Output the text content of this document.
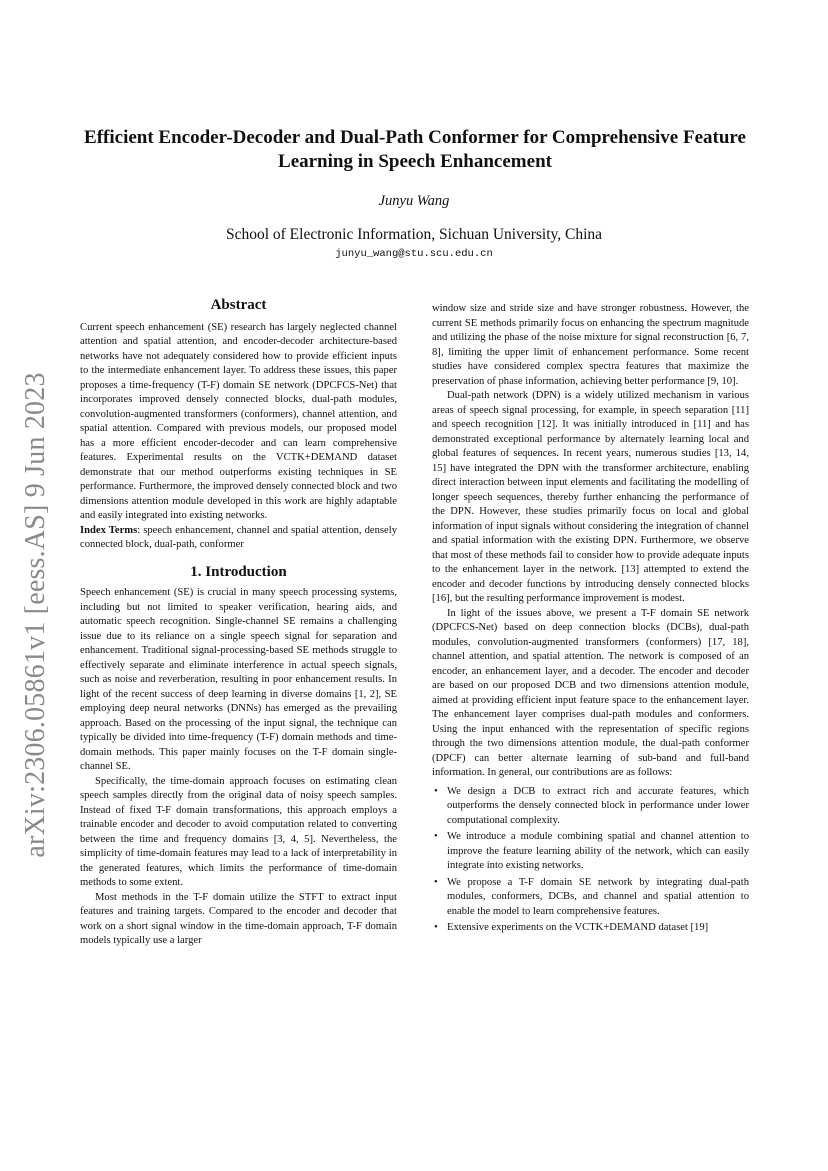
arXiv:2306.05861v1 [eess.AS] 9 Jun 2023
Efficient Encoder-Decoder and Dual-Path Conformer for Comprehensive Feature Learning in Speech Enhancement
Junyu Wang
School of Electronic Information, Sichuan University, China
junyu_wang@stu.scu.edu.cn
Abstract

Current speech enhancement (SE) research has largely neglected channel attention and spatial attention, and encoder-decoder architecture-based networks have not adequately considered how to provide efficient inputs to the intermediate enhancement layer. To address these issues, this paper proposes a time-frequency (T-F) domain SE network (DPCFCS-Net) that incorporates improved densely connected blocks, dual-path modules, convolution-augmented transformers (conformers), channel attention, and spatial attention. Compared with previous models, our proposed model has a more efficient encoder-decoder and can learn comprehensive features. Experimental results on the VCTK+DEMAND dataset demonstrate that our method outperforms existing techniques in SE performance. Furthermore, the improved densely connected block and two dimensions attention module developed in this work are highly adaptable and easily integrated into existing networks.

Index Terms: speech enhancement, channel and spatial attention, densely connected block, dual-path, conformer

1. Introduction

Speech enhancement (SE) is crucial in many speech processing systems, including but not limited to speaker verification, hearing aids, and automatic speech recognition. Single-channel SE remains a challenging issue due to its reliance on a single speech signal for separation and enhancement. Traditional signal-processing-based SE methods struggle to effectively separate and eliminate interference in actual speech signals, such as noise and reverberation, resulting in poor enhancement results. In light of the recent success of deep learning in diverse domains [1, 2], SE employing deep neural networks (DNNs) has emerged as the prevailing approach. Based on the processing of the input signal, the technique can typically be divided into time-frequency (T-F) domain methods and time-domain methods. This paper mainly focuses on the T-F domain single-channel SE.

Specifically, the time-domain approach focuses on estimating clean speech samples directly from the original data of noisy speech samples. Instead of fixed T-F domain transformations, this approach employs a trainable encoder and decoder to avoid computation related to converting between the time and frequency domains [3, 4, 5]. Nevertheless, the simplicity of time-domain features may lead to a lack of interpretability in the generated features, which limits the performance of time-domain methods to some extent.

Most methods in the T-F domain utilize the STFT to extract input features and training targets. Compared to the encoder and decoder that work on a short signal window in the time-domain approach, T-F domain models typically use a larger

window size and stride size and have stronger robustness. However, the current SE methods primarily focus on enhancing the spectrum magnitude and utilizing the phase of the noise mixture for signal reconstruction [6, 7, 8], limiting the upper limit of enhancement performance. Some recent studies have considered complex spectra features that maximize the preservation of phase information, achieving better performance [9, 10].

Dual-path network (DPN) is a widely utilized mechanism in various areas of speech signal processing, for example, in speech separation [11] and speech recognition [12]. It was initially introduced in [11] and has demonstrated exceptional performance by alternately learning local and global features of sequences. In recent years, numerous studies [13, 14, 15] have integrated the DPN with the transformer architecture, enabling direct interaction between input elements and facilitating the modelling of longer speech sequences, thereby further enhancing the performance of the DPN. However, these studies primarily focus on local and global information of input signals without considering the integration of channel and spatial information with the existing DPN. Furthermore, we observe that most of these methods fail to consider how to provide adequate inputs to the enhancement layer in the network. [13] attempted to extend the encoder and decoder functions by introducing densely connected blocks [16], but the resulting performance improvement is modest.

In light of the issues above, we present a T-F domain SE network (DPCFCS-Net) based on deep connection blocks (DCBs), dual-path modules, convolution-augmented transformers (conformers) [17, 18], channel attention, and spatial attention. The network is composed of an encoder, an enhancement layer, and a decoder. The encoder and decoder are based on our proposed DCB and two dimensions attention module, aimed at providing efficient input feature space to the enhancement layer. The enhancement layer comprises dual-path modules and conformers. Using the input enhanced with the representation of specific regions through the two dimensions attention module, the dual-path conformer (DPCF) can better alternate learning of sub-band and full-band information. In general, our contributions are as follows:

• We design a DCB to extract rich and accurate features, which outperforms the densely connected block in performance under lower computational complexity.
• We introduce a module combining spatial and channel attention to improve the feature learning ability of the network, which can easily integrate into existing networks.
• We propose a T-F domain SE network by integrating dual-path modules, conformers, DCBs, and channel and spatial attention to enable the model to learn comprehensive features.
• Extensive experiments on the VCTK+DEMAND dataset [19]
